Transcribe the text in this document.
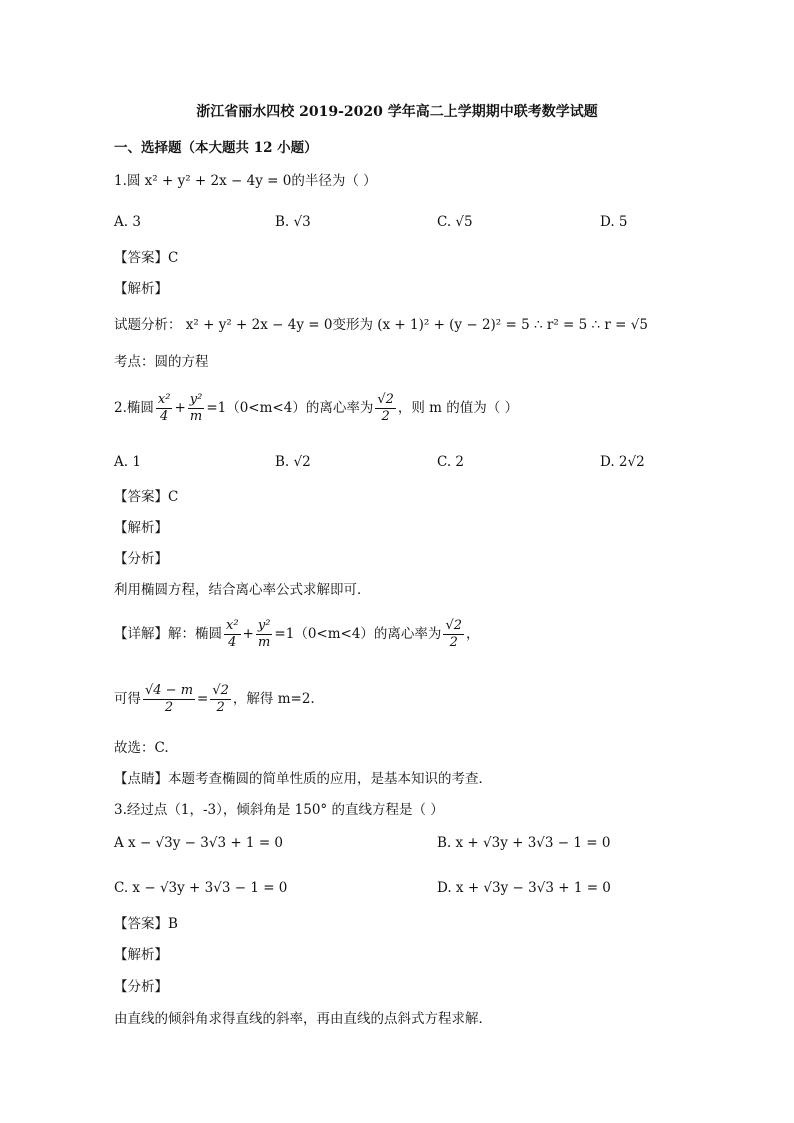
浙江省丽水四校 2019-2020 学年高二上学期期中联考数学试题
一、选择题（本大题共 12 小题）
1.圆 x² + y² + 2x − 4y = 0的半径为（ ）
A. 3	B. √3	C. √5	D. 5
【答案】C
【解析】
试题分析： x² + y² + 2x − 4y = 0变形为 (x + 1)² + (y − 2)² = 5 ∴ r² = 5 ∴ r = √5
考点：圆的方程
2.椭圆 $\frac{\text{x²}}{4} + \frac{\text{y²}}{m} =1(0<m<4)$的离心率为 $\frac{√2}{2}$ ，则 m 的值为（ ）
A. 1	B. √2	C. 2	D. 2√2
【答案】C
【解析】
【分析】
利用椭圆方程，结合离心率公式求解即可．
【详解】解：椭圆 $\frac{\text{x²}}{4} + \frac{\text{y²}}{m} =1(0<m<4)$的离心率为 $\frac{√2}{2}$ ，
可得 $\frac{√4 - m}{2} = \frac{√2}{2}$ ，解得 m=2.
故选：C.
【点睛】本题考查椭圆的简单性质的应用，是基本知识的考查．
3.经过点（1，-3），倾斜角是 150° 的直线方程是（ ）
A x − √3y − 3√3 + 1 = 0	B. x + √3y + 3√3 − 1 = 0
C. x − √3y + 3√3 − 1 = 0	D. x + √3y − 3√3 + 1 = 0
【答案】B
【解析】
【分析】
由直线的倾斜角求得直线的斜率，再由直线的点斜式方程求解．
